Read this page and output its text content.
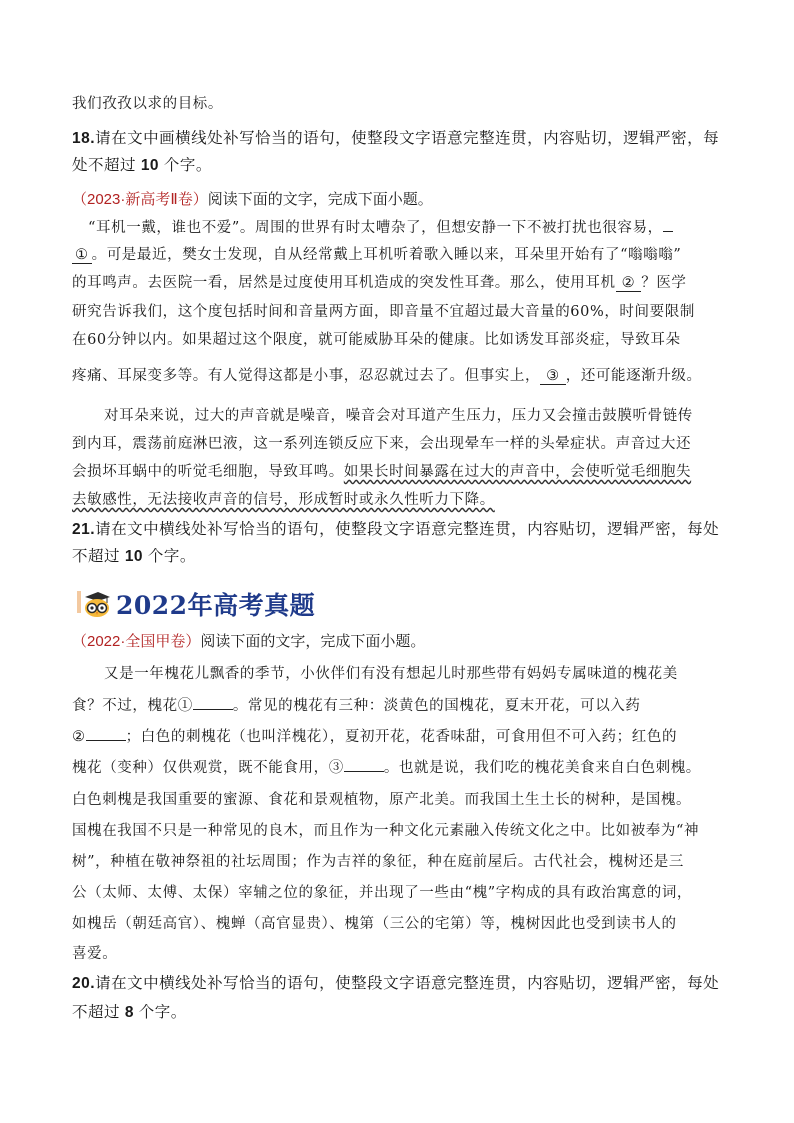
我们孜孜以求的目标。
18.请在文中画横线处补写恰当的语句，使整段文字语意完整连贯，内容贴切，逻辑严密，每
处不超过 10 个字。
（2023·新高考Ⅱ卷）阅读下面的文字，完成下面小题。
“耳机一戴，谁也不爱”。周围的世界有时太嘈杂了，但想安静一下不被打扰也很容易，
① 。可是最近，樊女士发现，自从经常戴上耳机听着歌入睡以来，耳朵里开始有了“嗡嗡嗡”
的耳鸣声。去医院一看，居然是过度使用耳机造成的突发性耳聋。那么，使用耳机 ② ？医学
研究告诉我们，这个度包括时间和音量两方面，即音量不宜超过最大音量的60%，时间要限制
在60分钟以内。如果超过这个限度，就可能威胁耳朵的健康。比如诱发耳部炎症，导致耳朵
疼痛、耳屎变多等。有人觉得这都是小事，忍忍就过去了。但事实上， ③ ，还可能逐渐升级。
对耳朵来说，过大的声音就是噪音，噪音会对耳道产生压力，压力又会撞击鼓膜听骨链传
到内耳，震荡前庭淋巴液，这一系列连锁反应下来，会出现晕车一样的头晕症状。声音过大还
会损坏耳蜗中的听觉毛细胞，导致耳鸣。如果长时间暴露在过大的声音中，会使听觉毛细胞失
去敏感性，无法接收声音的信号，形成暂时或永久性听力下降。
21.请在文中横线处补写恰当的语句，使整段文字语意完整连贯，内容贴切，逻辑严密，每处
不超过 10 个字。
2022年高考真题
（2022·全国甲卷）阅读下面的文字，完成下面小题。
又是一年槐花儿飘香的季节，小伙伴们有没有想起儿时那些带有妈妈专属味道的槐花美
食？不过，槐花①	。常见的槐花有三种：淡黄色的国槐花，夏末开花，可以入药
②	；白色的刺槐花（也叫洋槐花），夏初开花，花香味甜，可食用但不可入药；红色的
槐花（变种）仅供观赏，既不能食用，③	。也就是说，我们吃的槐花美食来自白色刺槐。
白色刺槐是我国重要的蜜源、食花和景观植物，原产北美。而我国土生土长的树种，是国槐。
国槐在我国不只是一种常见的良木，而且作为一种文化元素融入传统文化之中。比如被奉为“神
树”，种植在敬神祭祖的社坛周围；作为吉祥的象征，种在庭前屋后。古代社会，槐树还是三
公（太师、太傅、太保）宰辅之位的象征，并出现了一些由“槐”字构成的具有政治寓意的词，
如槐岳（朝廷高官）、槐蝉（高官显贵）、槐第（三公的宅第）等，槐树因此也受到读书人的
喜爱。
20.请在文中横线处补写恰当的语句，使整段文字语意完整连贯，内容贴切，逻辑严密，每处
不超过 8 个字。
